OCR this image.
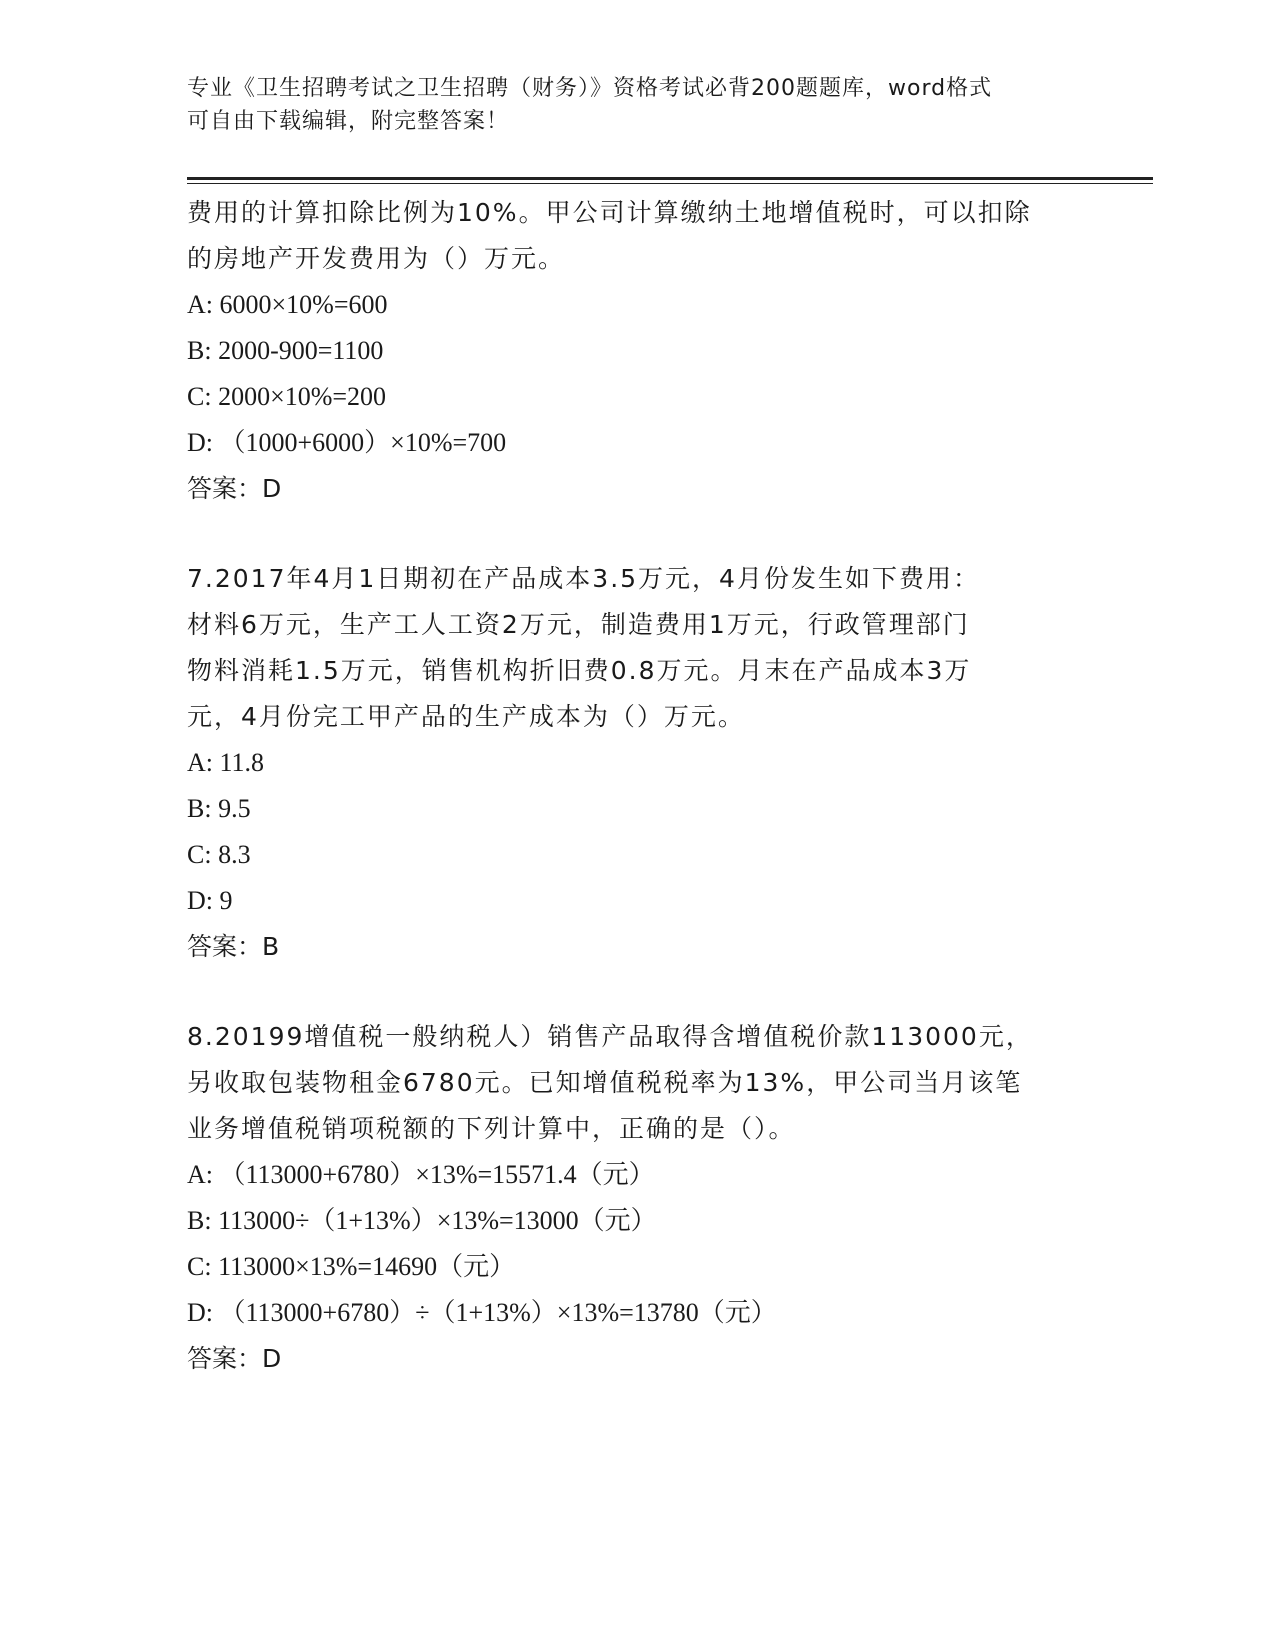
专业《卫生招聘考试之卫生招聘（财务）》资格考试必背200题题库，word格式
可自由下载编辑，附完整答案！
费用的计算扣除比例为10%。甲公司计算缴纳土地增值税时，可以扣除
的房地产开发费用为（）万元。
A: 6000×10%=600
B: 2000-900=1100
C: 2000×10%=200
D: （1000+6000）×10%=700
答案：D
7.2017年4月1日期初在产品成本3.5万元，4月份发生如下费用：
材料6万元，生产工人工资2万元，制造费用1万元，行政管理部门
物料消耗1.5万元，销售机构折旧费0.8万元。月末在产品成本3万
元，4月份完工甲产品的生产成本为（）万元。
A: 11.8
B: 9.5
C: 8.3
D: 9
答案：B
8.20199增值税一般纳税人）销售产品取得含增值税价款113000元，
另收取包装物租金6780元。已知增值税税率为13%，甲公司当月该笔
业务增值税销项税额的下列计算中，正确的是（）。
A: （113000+6780）×13%=15571.4（元）
B: 113000÷（1+13%）×13%=13000（元）
C: 113000×13%=14690（元）
D: （113000+6780）÷（1+13%）×13%=13780（元）
答案：D
